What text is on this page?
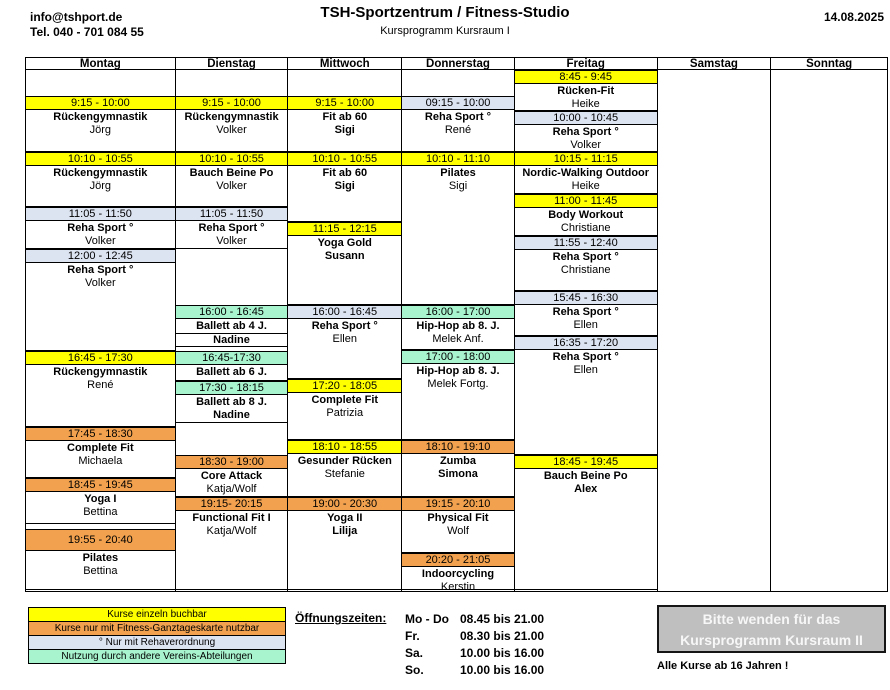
info@tshport.de
Tel. 040 - 701 084 55
TSH-Sportzentrum / Fitness-Studio
Kursprogramm Kursraum I
14.08.2025
Montag
9:15 - 10:00
Rückengymnastik
Jörg
10:10 - 10:55
Rückengymnastik
Jörg
11:05 - 11:50
Reha Sport °
Volker
12:00 - 12:45
Reha Sport °
Volker
16:45 - 17:30
Rückengymnastik
René
17:45 - 18:30
Complete Fit
Michaela
18:45 - 19:45
Yoga I
Bettina
19:55 - 20:40
Pilates
Bettina
Dienstag
9:15 - 10:00
Rückengymnastik
Volker
10:10 - 10:55
Bauch Beine Po
Volker
11:05 - 11:50
Reha Sport °
Volker
16:00 - 16:45
Ballett ab 4 J.
Nadine
16:45-17:30
Ballett ab 6 J.
17:30 - 18:15
Ballett ab 8 J.
Nadine
18:30 - 19:00
Core Attack
Katja/Wolf
19:15- 20:15
Functional Fit I
Katja/Wolf
Mittwoch
9:15 - 10:00
Fit ab 60
Sigi
10:10 - 10:55
Fit ab 60
Sigi
11:15 - 12:15
Yoga Gold
Susann
16:00 - 16:45
Reha Sport °
Ellen
17:20 - 18:05
Complete Fit
Patrizia
18:10 - 18:55
Gesunder Rücken
Stefanie
19:00 - 20:30
Yoga II
Lilija
Donnerstag
09:15 - 10:00
Reha Sport °
René
10:10 - 11:10
Pilates
Sigi
16:00 - 17:00
Hip-Hop ab 8. J.
Melek Anf.
17:00 - 18:00
Hip-Hop ab 8. J.
Melek Fortg.
18:10 - 19:10
Zumba
Simona
19:15 - 20:10
Physical Fit
Wolf
20:20 - 21:05
Indoorcycling
Kerstin
Freitag
8:45 - 9:45
Rücken-Fit
Heike
10:00 - 10:45
Reha Sport °
Volker
10:15 - 11:15
Nordic-Walking Outdoor
Heike
11:00 - 11:45
Body Workout
Christiane
11:55 - 12:40
Reha Sport °
Christiane
15:45 - 16:30
Reha Sport °
Ellen
16:35 - 17:20
Reha Sport °
Ellen
18:45 - 19:45
Bauch Beine Po
Alex
Samstag	Sonntag
Kurse einzeln buchbar
Kurse nur mit Fitness-Ganztageskarte nutzbar
° Nur mit Rehaverordnung
Nutzung durch andere Vereins-Abteilungen
Öffnungszeiten: Mo - Do 08.45 bis 21.00
Fr.	08.30 bis 21.00
Sa.	10.00 bis 16.00
So.	10.00 bis 16.00
Bitte wenden für das
Kursprogramm Kursraum II
Alle Kurse ab 16 Jahren !
